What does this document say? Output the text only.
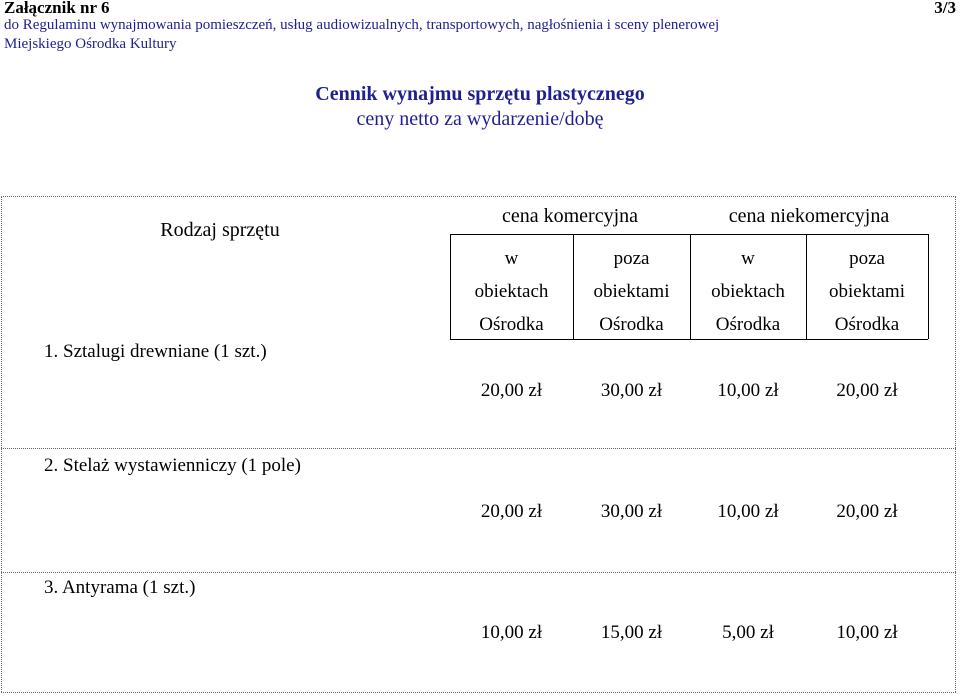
Załącznik nr 6	3/3
do Regulaminu wynajmowania pomieszczeń, usług audiowizualnych, transportowych, nagłośnienia i sceny plenerowej
Miejskiego Ośrodka Kultury
Cennik wynajmu sprzętu plastycznego
ceny netto za wydarzenie/dobę
Rodzaj sprzętu
cena komercyjna	cena niekomercyjna
w
obiektach
Ośrodka
poza
obiektami
Ośrodka
w
obiektach
Ośrodka
poza
obiektami
Ośrodka
1. Sztalugi drewniane (1 szt.)
20,00 zł	30,00 zł	10,00 zł	20,00 zł
2. Stelaż wystawienniczy (1 pole)
20,00 zł	30,00 zł	10,00 zł	20,00 zł
3. Antyrama (1 szt.)
10,00 zł	15,00 zł	5,00 zł	10,00 zł
